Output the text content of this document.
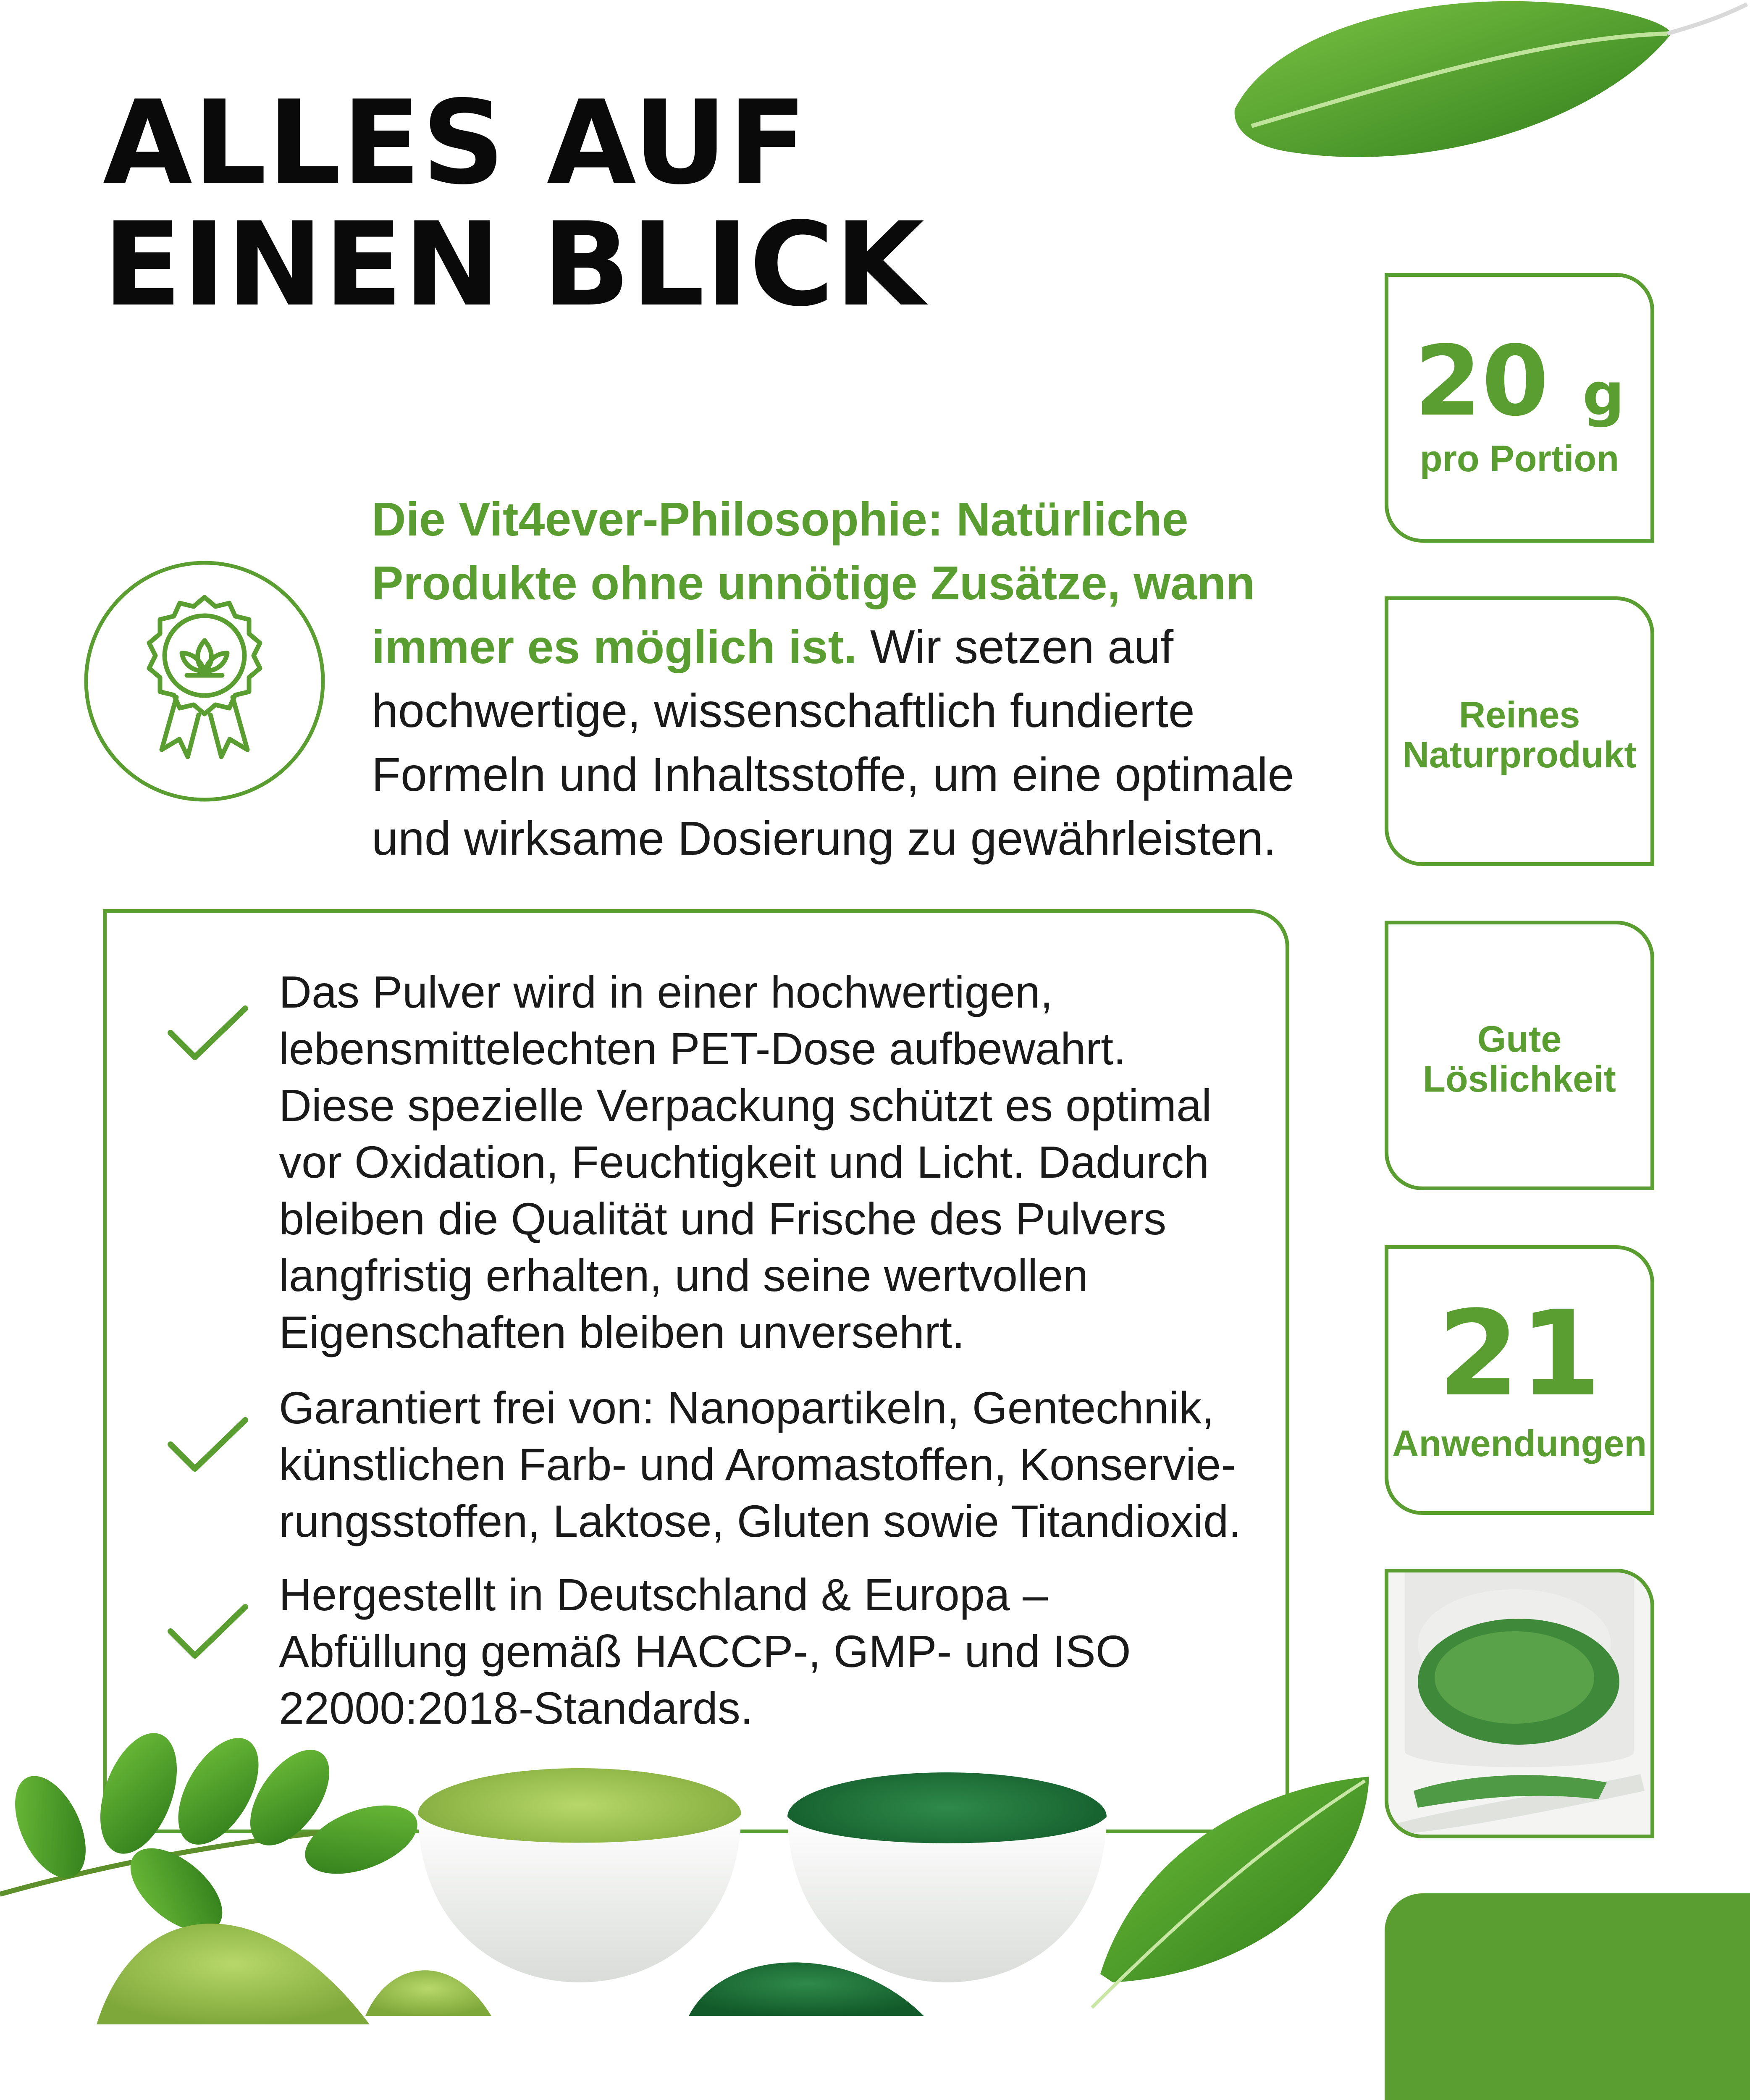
ALLES AUF
EINEN BLICK
Die Vit4ever-Philosophie: Natürliche Produkte ohne unnötige Zusätze, wann immer es möglich ist. Wir setzen auf hochwertige, wissenschaftlich fundierte Formeln und Inhaltsstoffe, um eine optimale und wirksame Dosierung zu gewährleisten.
Das Pulver wird in einer hochwertigen, lebensmittelechten PET-Dose aufbewahrt. Diese spezielle Verpackung schützt es optimal vor Oxidation, Feuchtigkeit und Licht. Dadurch bleiben die Qualität und Frische des Pulvers langfristig erhalten, und seine wertvollen Eigenschaften bleiben unversehrt.
Garantiert frei von: Nanopartikeln, Gentechnik, künstlichen Farb- und Aromastoffen, Konservie-rungsstoffen, Laktose, Gluten sowie Titandioxid.
Hergestellt in Deutschland & Europa – Abfüllung gemäß HACCP-, GMP- und ISO 22000:2018-Standards.
20 g
pro Portion
Reines Naturprodukt
Gute Löslichkeit
21
Anwendungen
